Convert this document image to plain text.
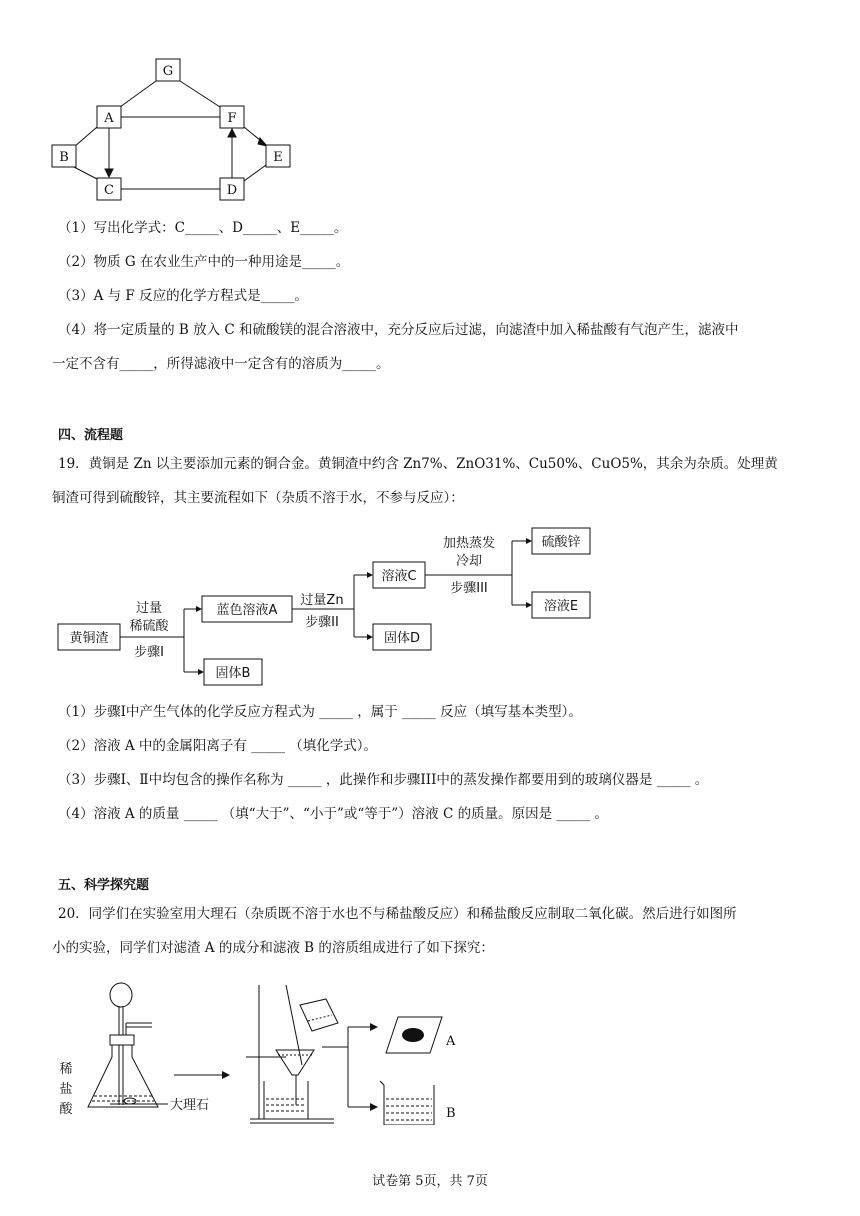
G
A	F
B	E
C	D
（1）写出化学式：C_____、D_____、E_____。
（2）物质 G 在农业生产中的一种用途是_____。
（3）A 与 F 反应的化学方程式是_____。
（4）将一定质量的 B 放入 C 和硫酸镁的混合溶液中，充分反应后过滤，向滤渣中加入稀盐酸有气泡产生，滤液中
一定不含有_____，所得滤液中一定含有的溶质为_____。
四、流程题
19．黄铜是 Zn 以主要添加元素的铜合金。黄铜渣中约含 Zn7%、ZnO31%、Cu50%、CuO5%，其余为杂质。处理黄
铜渣可得到硫酸锌，其主要流程如下（杂质不溶于水，不参与反应）：
黄铜渣
过量
稀硫酸
步骤I
蓝色溶液A
固体B
过量Zn
步骤II
溶液C
固体D
加热蒸发
冷却
步骤III
硫酸锌
溶液E
（1）步骤Ⅰ中产生气体的化学反应方程式为 _____ ，属于 _____ 反应（填写基本类型）。
（2）溶液 A 中的金属阳离子有 _____ （填化学式）。
（3）步骤Ⅰ、Ⅱ中均包含的操作名称为 _____ ，此操作和步骤III中的蒸发操作都要用到的玻璃仪器是 _____ 。
（4）溶液 A 的质量 _____ （填“大于”、“小于”或“等于”）溶液 C 的质量。原因是 _____ 。
五、科学探究题
20．同学们在实验室用大理石（杂质既不溶于水也不与稀盐酸反应）和稀盐酸反应制取二氧化碳。然后进行如图所
小的实验，同学们对滤渣 A 的成分和滤液 B 的溶质组成进行了如下探究：
稀
盐
酸	大理石
A
B
试卷第 5页，共 7页
